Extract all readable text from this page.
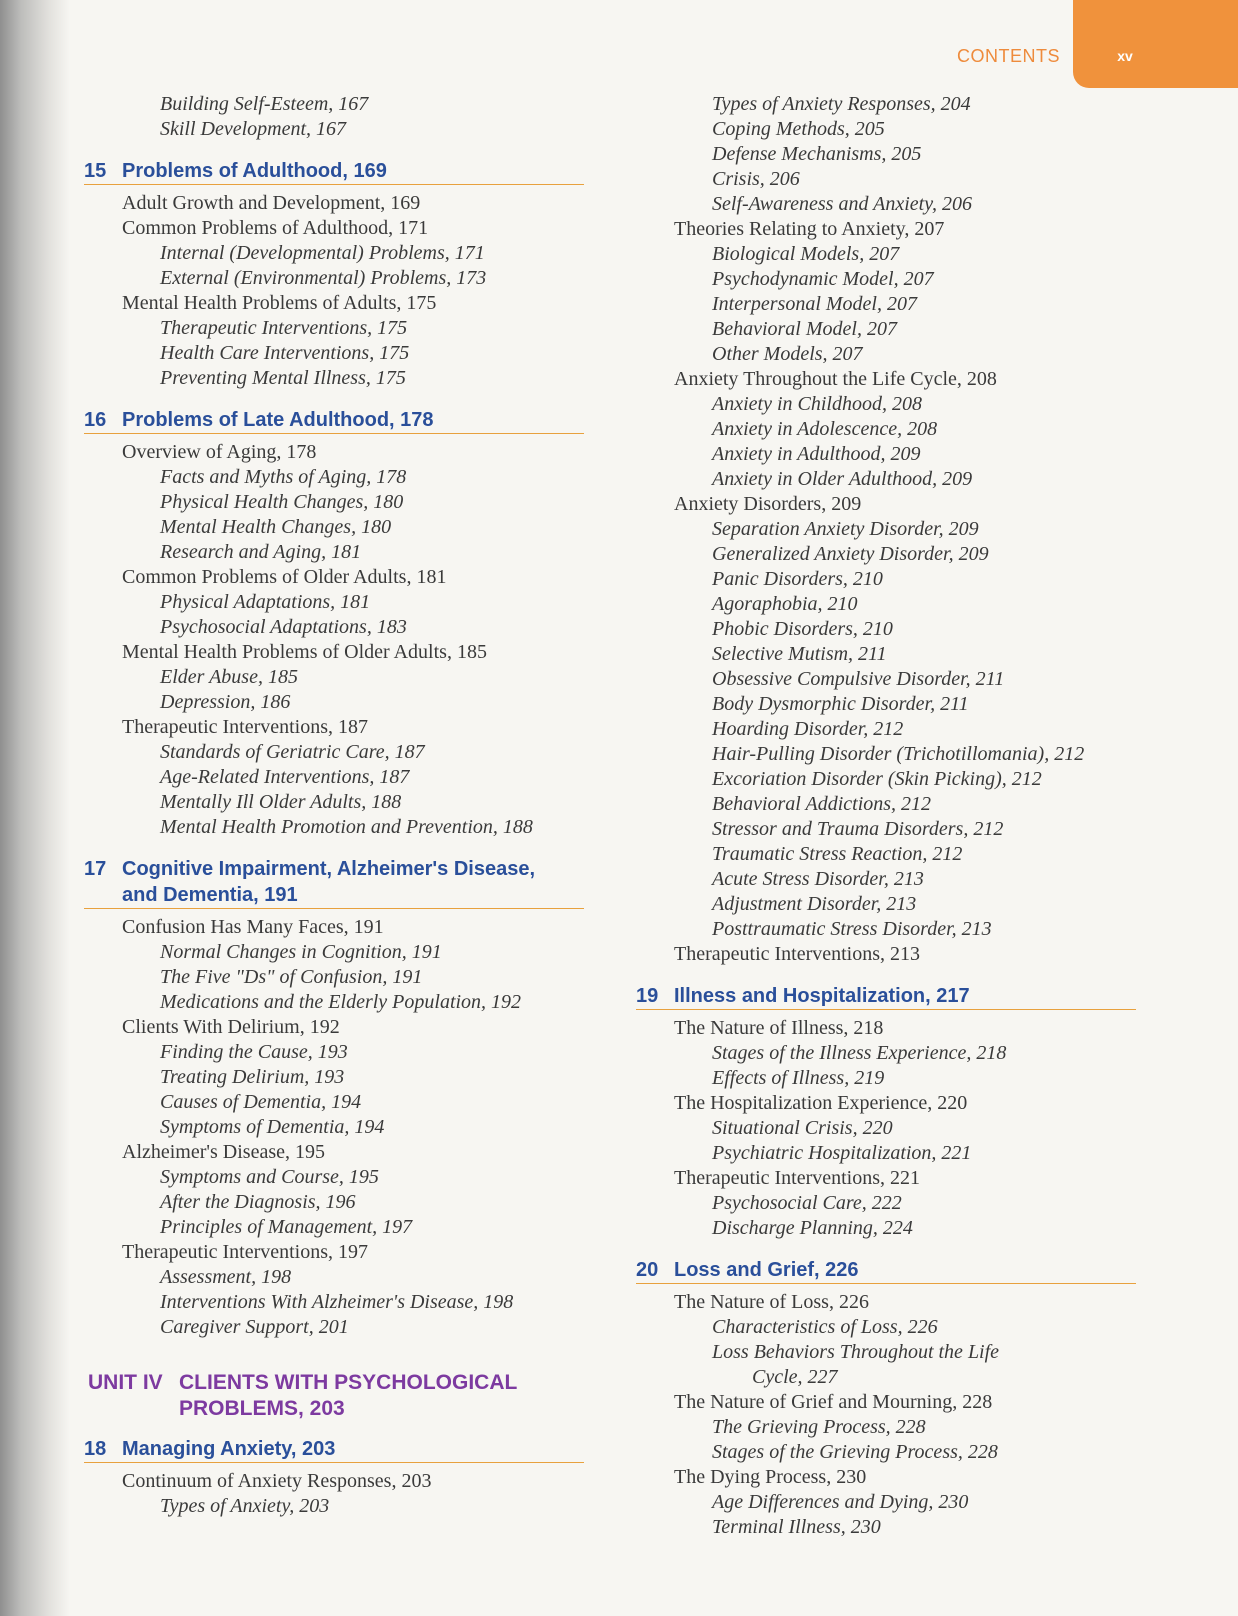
xv
CONTENTS
Building Self-Esteem, 167
Skill Development, 167
15 Problems of Adulthood, 169
Adult Growth and Development, 169
Common Problems of Adulthood, 171
Internal (Developmental) Problems, 171
External (Environmental) Problems, 173
Mental Health Problems of Adults, 175
Therapeutic Interventions, 175
Health Care Interventions, 175
Preventing Mental Illness, 175
16 Problems of Late Adulthood, 178
Overview of Aging, 178
Facts and Myths of Aging, 178
Physical Health Changes, 180
Mental Health Changes, 180
Research and Aging, 181
Common Problems of Older Adults, 181
Physical Adaptations, 181
Psychosocial Adaptations, 183
Mental Health Problems of Older Adults, 185
Elder Abuse, 185
Depression, 186
Therapeutic Interventions, 187
Standards of Geriatric Care, 187
Age-Related Interventions, 187
Mentally Ill Older Adults, 188
Mental Health Promotion and Prevention, 188
17 Cognitive Impairment, Alzheimer's Disease,
and Dementia, 191
Confusion Has Many Faces, 191
Normal Changes in Cognition, 191
The Five "Ds" of Confusion, 191
Medications and the Elderly Population, 192
Clients With Delirium, 192
Finding the Cause, 193
Treating Delirium, 193
Causes of Dementia, 194
Symptoms of Dementia, 194
Alzheimer's Disease, 195
Symptoms and Course, 195
After the Diagnosis, 196
Principles of Management, 197
Therapeutic Interventions, 197
Assessment, 198
Interventions With Alzheimer's Disease, 198
Caregiver Support, 201
UNIT IV CLIENTS WITH PSYCHOLOGICAL
PROBLEMS, 203
18 Managing Anxiety, 203
Continuum of Anxiety Responses, 203
Types of Anxiety, 203
Types of Anxiety Responses, 204
Coping Methods, 205
Defense Mechanisms, 205
Crisis, 206
Self-Awareness and Anxiety, 206
Theories Relating to Anxiety, 207
Biological Models, 207
Psychodynamic Model, 207
Interpersonal Model, 207
Behavioral Model, 207
Other Models, 207
Anxiety Throughout the Life Cycle, 208
Anxiety in Childhood, 208
Anxiety in Adolescence, 208
Anxiety in Adulthood, 209
Anxiety in Older Adulthood, 209
Anxiety Disorders, 209
Separation Anxiety Disorder, 209
Generalized Anxiety Disorder, 209
Panic Disorders, 210
Agoraphobia, 210
Phobic Disorders, 210
Selective Mutism, 211
Obsessive Compulsive Disorder, 211
Body Dysmorphic Disorder, 211
Hoarding Disorder, 212
Hair-Pulling Disorder (Trichotillomania), 212
Excoriation Disorder (Skin Picking), 212
Behavioral Addictions, 212
Stressor and Trauma Disorders, 212
Traumatic Stress Reaction, 212
Acute Stress Disorder, 213
Adjustment Disorder, 213
Posttraumatic Stress Disorder, 213
Therapeutic Interventions, 213
19 Illness and Hospitalization, 217
The Nature of Illness, 218
Stages of the Illness Experience, 218
Effects of Illness, 219
The Hospitalization Experience, 220
Situational Crisis, 220
Psychiatric Hospitalization, 221
Therapeutic Interventions, 221
Psychosocial Care, 222
Discharge Planning, 224
20 Loss and Grief, 226
The Nature of Loss, 226
Characteristics of Loss, 226
Loss Behaviors Throughout the Life
Cycle, 227
The Nature of Grief and Mourning, 228
The Grieving Process, 228
Stages of the Grieving Process, 228
The Dying Process, 230
Age Differences and Dying, 230
Terminal Illness, 230
